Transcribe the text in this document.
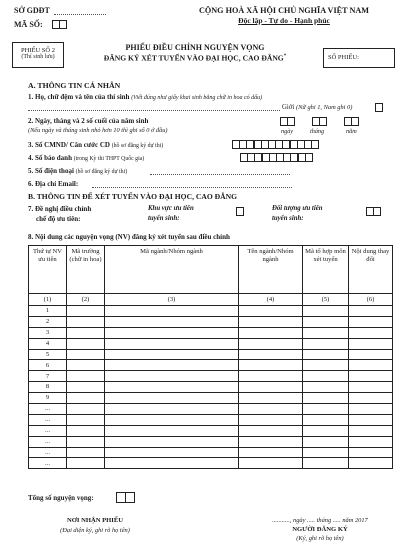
SỞ GDĐT
MÃ SỐ:
CỘNG HOÀ XÃ HỘI CHỦ NGHĨA VIỆT NAM
Độc lập - Tự do - Hạnh phúc
PHIẾU SỐ 2
(Thí sinh lưu)
PHIẾU ĐIỀU CHỈNH NGUYỆN VỌNG
ĐĂNG KÝ XÉT TUYỂN VÀO ĐẠI HỌC, CAO ĐẲNG*	SỐ PHIẾU:
A. THÔNG TIN CÁ NHÂN
1. Họ, chữ đệm và tên của thí sinh (Viết đúng như giấy khai sinh bằng chữ in hoa có dấu)
Giới (Nữ ghi 1, Nam ghi 0)
2. Ngày, tháng và 2 số cuối của năm sinh
(Nếu ngày và tháng sinh nhỏ hơn 10 thì ghi số 0 ở đầu)	ngày	tháng	năm
3. Số CMND/ Căn cước CD (hồ sơ đăng ký dự thi)
4. Số báo danh (trong Kỳ thi THPT Quốc gia)
5. Số điện thoại (hồ sơ đăng ký dự thi)
6. Địa chỉ Email:
B. THÔNG TIN ĐỂ XÉT TUYỂN VÀO ĐẠI HỌC, CAO ĐẲNG
7. Đề nghị điều chỉnh
chế độ ưu tiên:
Khu vực ưu tiên
tuyển sinh:
Đối tượng ưu tiên
tuyển sinh:
8. Nội dung các nguyện vọng (NV) đăng ký xét tuyển sau điều chỉnh
Thứ tự NV ưu tiên	Mã trường (chữ in hoa)	Mã ngành/Nhóm ngành	Tên ngành/Nhóm ngành	Mã tổ hợp môn xét tuyển	Nội dung thay đổi
(1)	(2)	(3)	(4)	(5)	(6)
1					
2					
3					
4					
5					
6					
7					
8					
9					
...					
...					
...					
...					
...					
...					
Tổng số nguyện vọng:
NƠI NHẬN PHIẾU
(Đại diện ký, ghi rõ họ tên)
..........., ngày ..... tháng ..... năm 2017
NGƯỜI ĐĂNG KÝ
(Ký, ghi rõ họ tên)
